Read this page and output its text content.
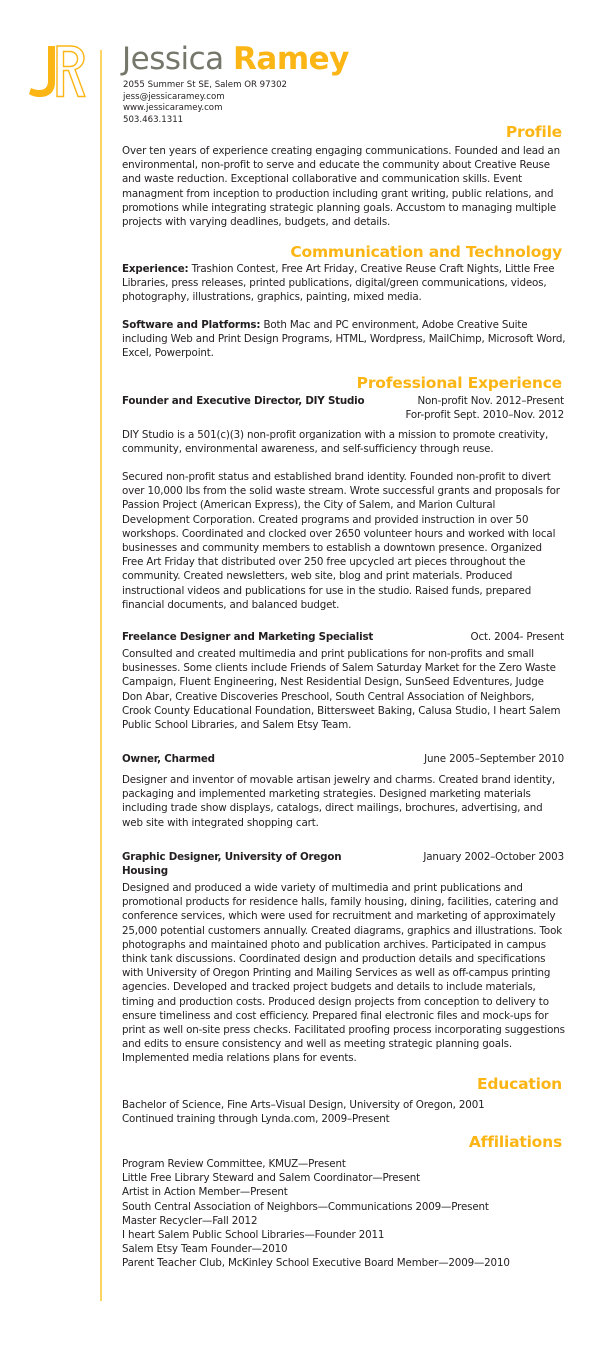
Jessica Ramey
2055 Summer St SE, Salem OR 97302
jess@jessicaramey.com
www.jessicaramey.com
503.463.1311
Profile
Over ten years of experience creating engaging communications. Founded and lead an environmental, non-profit to serve and educate the community about Creative Reuse and waste reduction. Exceptional collaborative and communication skills. Event managment from inception to production including grant writing, public relations, and promotions while integrating strategic planning goals. Accustom to managing multiple projects with varying deadlines, budgets, and details.
Communication and Technology
Experience: Trashion Contest, Free Art Friday, Creative Reuse Craft Nights, Little Free Libraries, press releases, printed publications, digital/green communications, videos, photography, illustrations, graphics, painting, mixed media.
Software and Platforms: Both Mac and PC environment, Adobe Creative Suite including Web and Print Design Programs, HTML, Wordpress, MailChimp, Microsoft Word, Excel, Powerpoint.
Professional Experience
Founder and Executive Director, DIY Studio	Non-profit Nov. 2012–Present
For-profit Sept. 2010–Nov. 2012
DIY Studio is a 501(c)(3) non-profit organization with a mission to promote creativity, community, environmental awareness, and self-sufficiency through reuse.
Secured non-profit status and established brand identity. Founded non-profit to divert over 10,000 lbs from the solid waste stream. Wrote successful grants and proposals for Passion Project (American Express), the City of Salem, and Marion Cultural Development Corporation. Created programs and provided instruction in over 50 workshops. Coordinated and clocked over 2650 volunteer hours and worked with local businesses and community members to establish a downtown presence. Organized Free Art Friday that distributed over 250 free upcycled art pieces throughout the community. Created newsletters, web site, blog and print materials. Produced instructional videos and publications for use in the studio. Raised funds, prepared financial documents, and balanced budget.
Freelance Designer and Marketing Specialist	Oct. 2004- Present
Consulted and created multimedia and print publications for non-profits and small businesses. Some clients include Friends of Salem Saturday Market for the Zero Waste Campaign, Fluent Engineering, Nest Residential Design, SunSeed Edventures, Judge Don Abar, Creative Discoveries Preschool, South Central Association of Neighbors, Crook County Educational Foundation, Bittersweet Baking, Calusa Studio, I heart Salem Public School Libraries, and Salem Etsy Team.
Owner, Charmed	June 2005–September 2010
Designer and inventor of movable artisan jewelry and charms. Created brand identity, packaging and implemented marketing strategies. Designed marketing materials including trade show displays, catalogs, direct mailings, brochures, advertising, and web site with integrated shopping cart.
Graphic Designer, University of Oregon
Housing
January 2002–October 2003
Designed and produced a wide variety of multimedia and print publications and promotional products for residence halls, family housing, dining, facilities, catering and conference services, which were used for recruitment and marketing of approximately 25,000 potential customers annually. Created diagrams, graphics and illustrations. Took photographs and maintained photo and publication archives. Participated in campus think tank discussions. Coordinated design and production details and specifications with University of Oregon Printing and Mailing Services as well as off-campus printing agencies. Developed and tracked project budgets and details to include materials, timing and production costs. Produced design projects from conception to delivery to ensure timeliness and cost efficiency. Prepared final electronic files and mock-ups for print as well on-site press checks. Facilitated proofing process incorporating suggestions and edits to ensure consistency and well as meeting strategic planning goals. Implemented media relations plans for events.
Education
Bachelor of Science, Fine Arts–Visual Design, University of Oregon, 2001
Continued training through Lynda.com, 2009–Present
Affiliations
Program Review Committee, KMUZ—Present
Little Free Library Steward and Salem Coordinator—Present
Artist in Action Member—Present
South Central Association of Neighbors—Communications 2009—Present
Master Recycler—Fall 2012
I heart Salem Public School Libraries—Founder 2011
Salem Etsy Team Founder—2010
Parent Teacher Club, McKinley School Executive Board Member—2009—2010
